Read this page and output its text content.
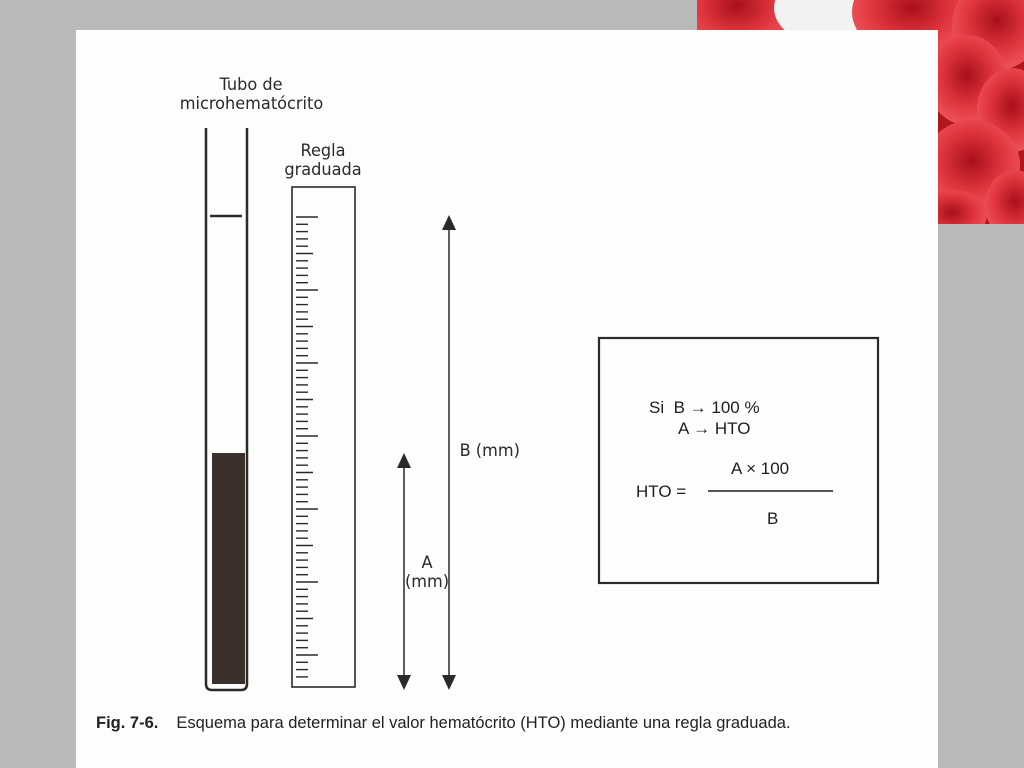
Tubo de
microhematócrito
Regla
graduada
B (mm)
A
(mm)
Si B → 100 %
A → HTO
HTO =
A × 100
B
Fig. 7-6. Esquema para determinar el valor hematócrito (HTO) mediante una regla graduada.
